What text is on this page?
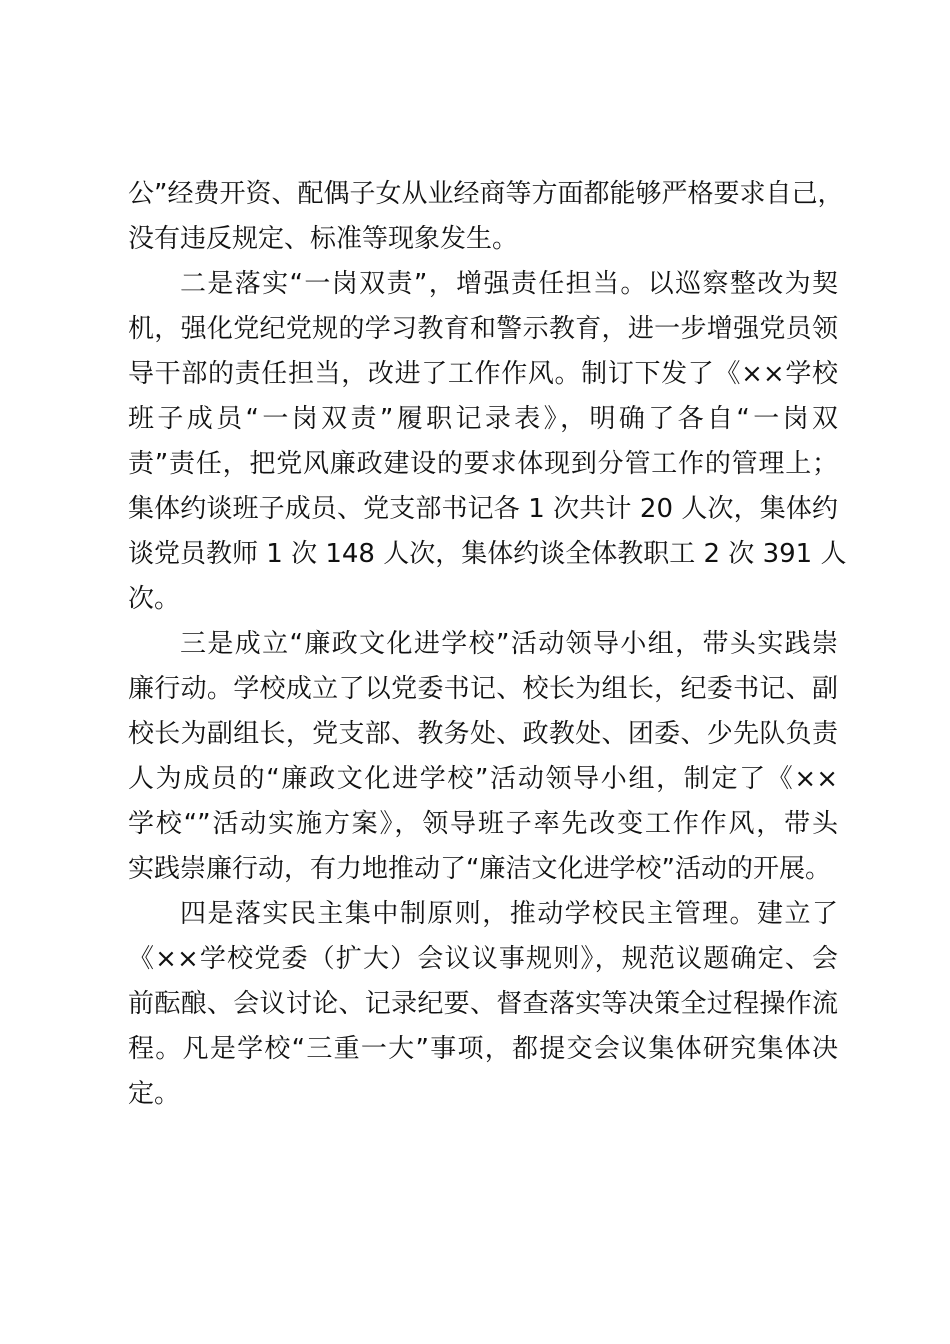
公”经费开资、配偶子女从业经商等方面都能够严格要求自己，
没有违反规定、标准等现象发生。
二是落实“一岗双责”，增强责任担当。以巡察整改为契
机，强化党纪党规的学习教育和警示教育，进一步增强党员领
导干部的责任担当，改进了工作作风。制订下发了《××学校
班子成员“一岗双责”履职记录表》，明确了各自“一岗双
责”责任，把党风廉政建设的要求体现到分管工作的管理上；
集体约谈班子成员、党支部书记各 1 次共计 20 人次，集体约
谈党员教师 1 次 148 人次，集体约谈全体教职工 2 次 391 人
次。
三是成立“廉政文化进学校”活动领导小组，带头实践崇
廉行动。学校成立了以党委书记、校长为组长，纪委书记、副
校长为副组长，党支部、教务处、政教处、团委、少先队负责
人为成员的“廉政文化进学校”活动领导小组，制定了《××
学校“”活动实施方案》，领导班子率先改变工作作风，带头
实践崇廉行动，有力地推动了“廉洁文化进学校”活动的开展。
四是落实民主集中制原则，推动学校民主管理。建立了
《××学校党委（扩大）会议议事规则》，规范议题确定、会
前酝酿、会议讨论、记录纪要、督查落实等决策全过程操作流
程。凡是学校“三重一大”事项，都提交会议集体研究集体决
定。
